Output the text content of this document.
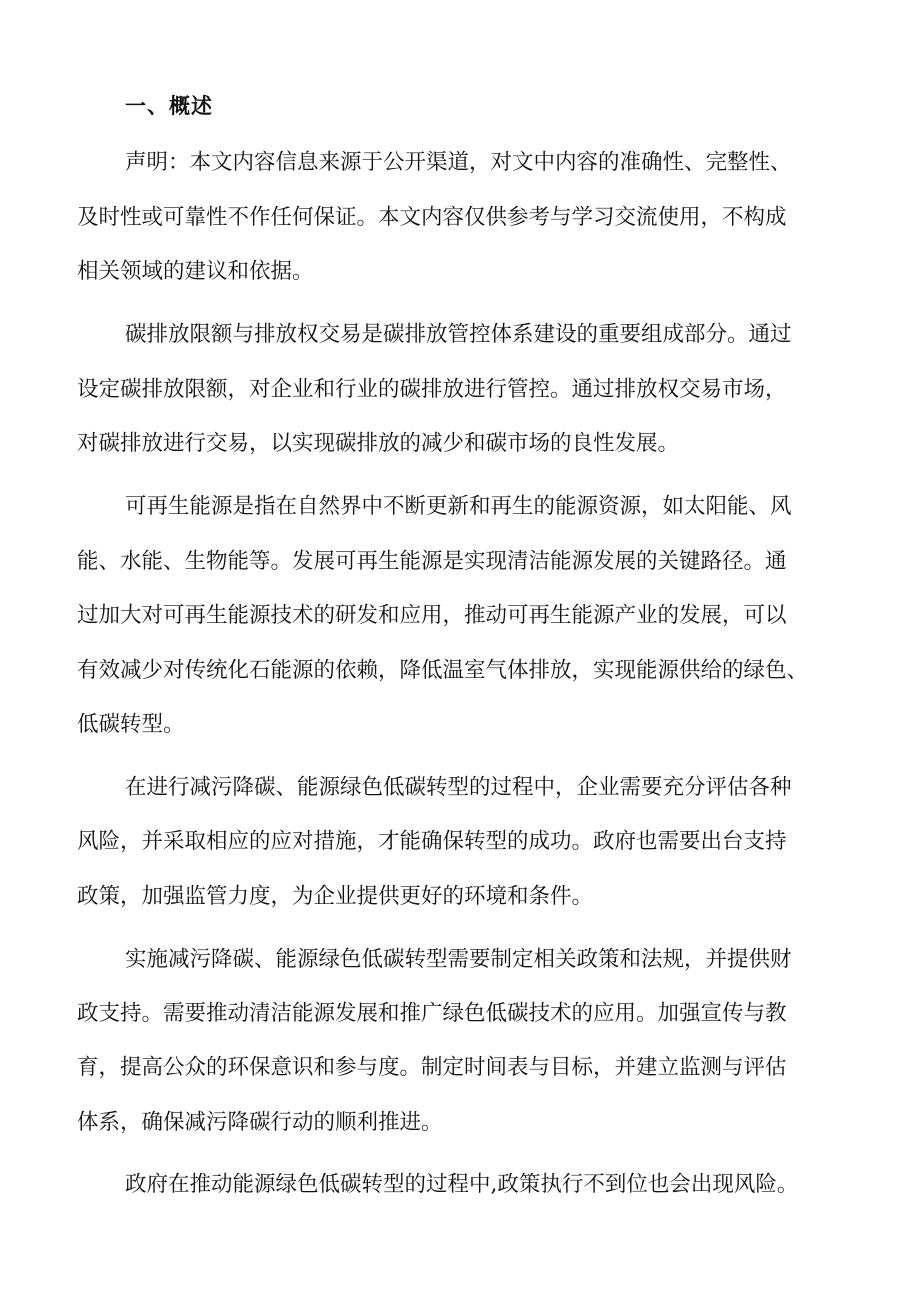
一、概述
声明：本文内容信息来源于公开渠道，对文中内容的准确性、完整性、
及时性或可靠性不作任何保证。本文内容仅供参考与学习交流使用，不构成
相关领域的建议和依据。
碳排放限额与排放权交易是碳排放管控体系建设的重要组成部分。通过
设定碳排放限额，对企业和行业的碳排放进行管控。通过排放权交易市场，
对碳排放进行交易，以实现碳排放的减少和碳市场的良性发展。
可再生能源是指在自然界中不断更新和再生的能源资源，如太阳能、风
能、水能、生物能等。发展可再生能源是实现清洁能源发展的关键路径。通
过加大对可再生能源技术的研发和应用，推动可再生能源产业的发展，可以
有效减少对传统化石能源的依赖，降低温室气体排放，实现能源供给的绿色、
低碳转型。
在进行减污降碳、能源绿色低碳转型的过程中，企业需要充分评估各种
风险，并采取相应的应对措施，才能确保转型的成功。政府也需要出台支持
政策，加强监管力度，为企业提供更好的环境和条件。
实施减污降碳、能源绿色低碳转型需要制定相关政策和法规，并提供财
政支持。需要推动清洁能源发展和推广绿色低碳技术的应用。加强宣传与教
育，提高公众的环保意识和参与度。制定时间表与目标，并建立监测与评估
体系，确保减污降碳行动的顺利推进。
政府在推动能源绿色低碳转型的过程中,政策执行不到位也会出现风险。
